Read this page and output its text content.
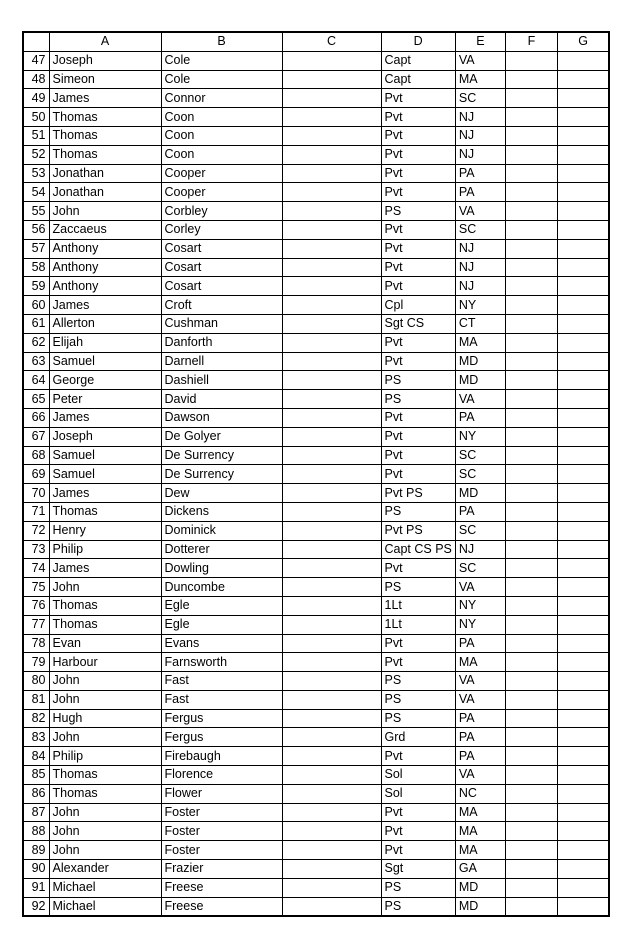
	A	B	C	D	E	F	G
47	Joseph	Cole		Capt	VA		
48	Simeon	Cole		Capt	MA		
49	James	Connor		Pvt	SC		
50	Thomas	Coon		Pvt	NJ		
51	Thomas	Coon		Pvt	NJ		
52	Thomas	Coon		Pvt	NJ		
53	Jonathan	Cooper		Pvt	PA		
54	Jonathan	Cooper		Pvt	PA		
55	John	Corbley		PS	VA		
56	Zaccaeus	Corley		Pvt	SC		
57	Anthony	Cosart		Pvt	NJ		
58	Anthony	Cosart		Pvt	NJ		
59	Anthony	Cosart		Pvt	NJ		
60	James	Croft		Cpl	NY		
61	Allerton	Cushman		Sgt CS	CT		
62	Elijah	Danforth		Pvt	MA		
63	Samuel	Darnell		Pvt	MD		
64	George	Dashiell		PS	MD		
65	Peter	David		PS	VA		
66	James	Dawson		Pvt	PA		
67	Joseph	De Golyer		Pvt	NY		
68	Samuel	De Surrency		Pvt	SC		
69	Samuel	De Surrency		Pvt	SC		
70	James	Dew		Pvt PS	MD		
71	Thomas	Dickens		PS	PA		
72	Henry	Dominick		Pvt PS	SC		
73	Philip	Dotterer		Capt CS PS	NJ		
74	James	Dowling		Pvt	SC		
75	John	Duncombe		PS	VA		
76	Thomas	Egle		1Lt	NY		
77	Thomas	Egle		1Lt	NY		
78	Evan	Evans		Pvt	PA		
79	Harbour	Farnsworth		Pvt	MA		
80	John	Fast		PS	VA		
81	John	Fast		PS	VA		
82	Hugh	Fergus		PS	PA		
83	John	Fergus		Grd	PA		
84	Philip	Firebaugh		Pvt	PA		
85	Thomas	Florence		Sol	VA		
86	Thomas	Flower		Sol	NC		
87	John	Foster		Pvt	MA		
88	John	Foster		Pvt	MA		
89	John	Foster		Pvt	MA		
90	Alexander	Frazier		Sgt	GA		
91	Michael	Freese		PS	MD		
92	Michael	Freese		PS	MD		
